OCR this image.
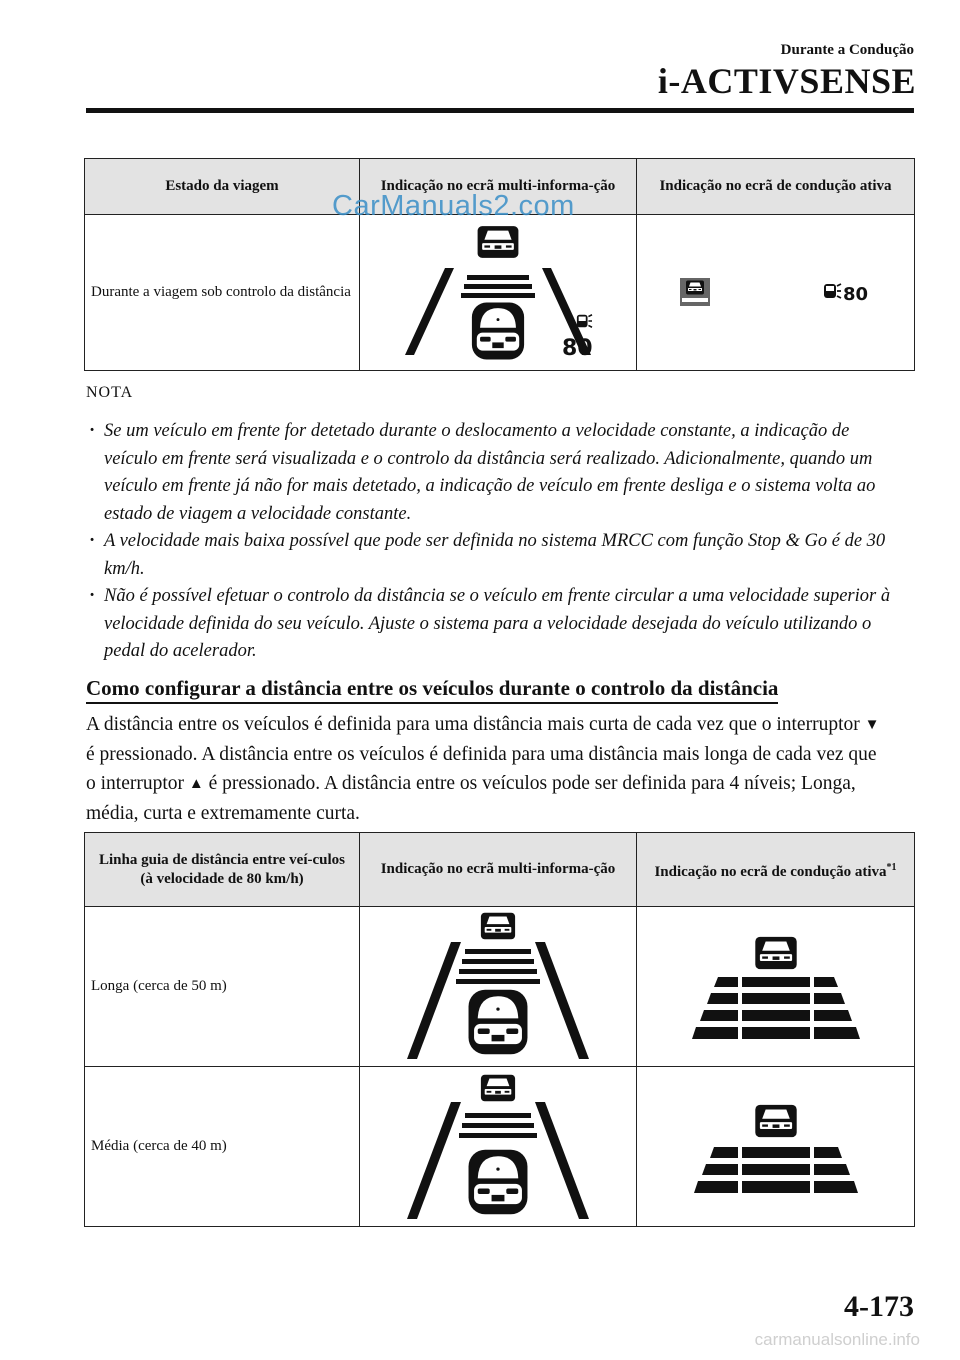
Durante a Condução
i-ACTIVSENSE
Estado da viagem	Indicação no ecrã multi-informa-ção	Indicação no ecrã de condução ativa
Durante a viagem sob controlo da distância	80	80
CarManuals2.com
NOTA
· Se um veículo em frente for detetado durante o deslocamento a velocidade constante, a indicação de veículo em frente será visualizada e o controlo da distância será realizado. Adicionalmente, quando um veículo em frente já não for mais detetado, a indicação de veículo em frente desliga e o sistema volta ao estado de viagem a velocidade constante.
· A velocidade mais baixa possível que pode ser definida no sistema MRCC com função Stop & Go é de 30 km/h.
· Não é possível efetuar o controlo da distância se o veículo em frente circular a uma velocidade superior à velocidade definida do seu veículo. Ajuste o sistema para a velocidade desejada do veículo utilizando o pedal do acelerador.
Como configurar a distância entre os veículos durante o controlo da distância

A distância entre os veículos é definida para uma distância mais curta de cada vez que o interruptor ▼ é pressionado. A distância entre os veículos é definida para uma distância mais longa de cada vez que o interruptor ▲ é pressionado. A distância entre os veículos pode ser definida para 4 níveis; Longa, média, curta e extremamente curta.

Linha guia de distância entre veí-culos
(à velocidade de 80 km/h)	Indicação no ecrã multi-informa-ção	Indicação no ecrã de condução ativa$^{*1}$
Longa (cerca de 50 m)		
Média (cerca de 40 m)		
4-173
carmanualsonline.info
